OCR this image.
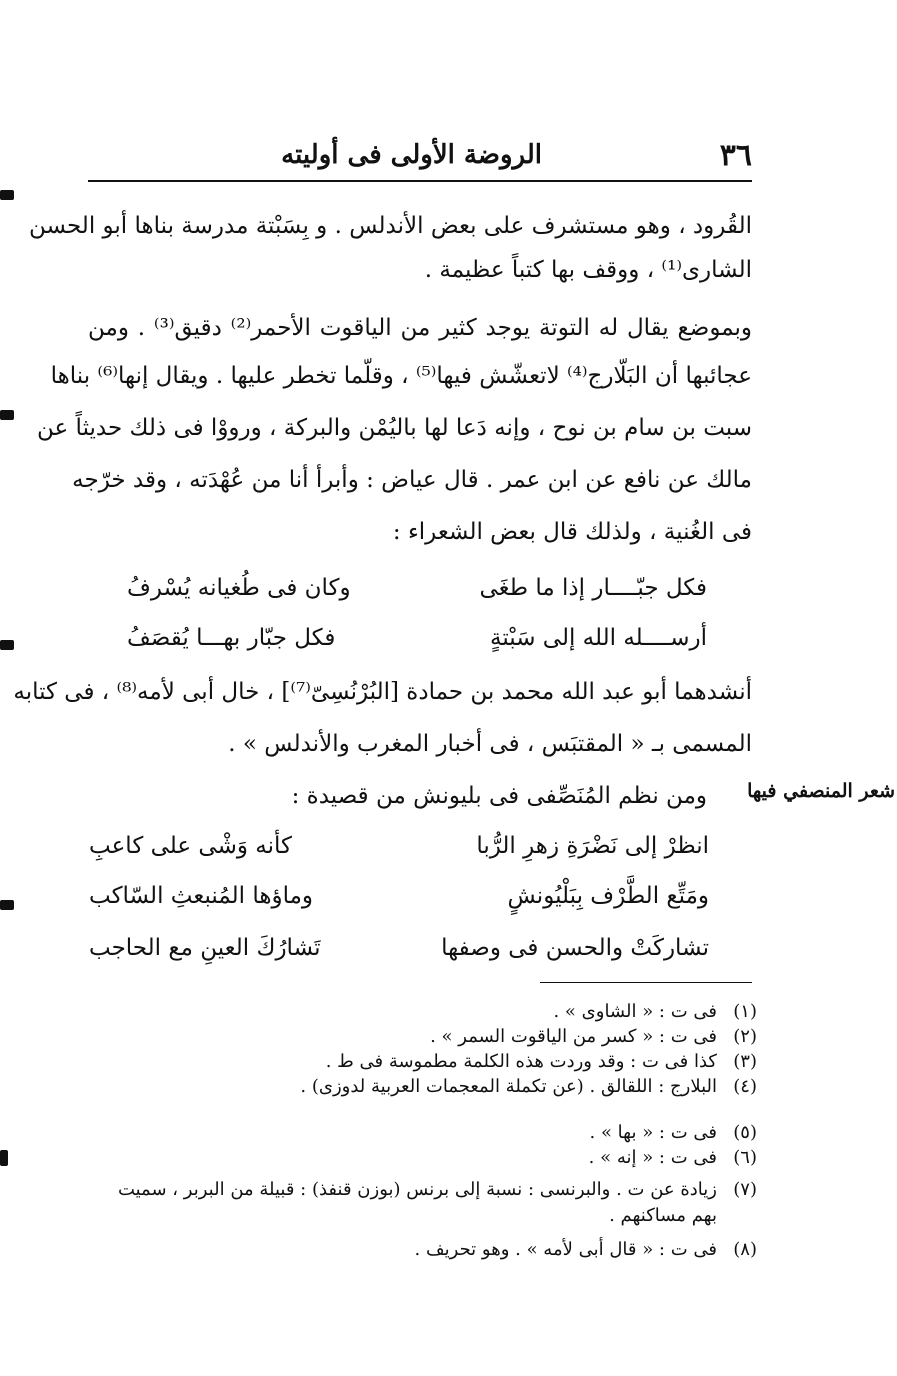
٣٦
الروضة الأولى فى أوليته
القُرود ، وهو مستشرف على بعض الأندلس . و بِسَبْتة مدرسة بناها أبو الحسن
الشارى⁽¹⁾ ، ووقف بها كتباً عظيمة .
وبموضع يقال له التوتة يوجد كثير من الياقوت الأحمر⁽²⁾ دقيق⁽³⁾ . ومن
عجائبها أن البَلّارج⁽⁴⁾ لاتعشّش فيها⁽⁵⁾ ، وقلّما تخطر عليها . ويقال إنها⁽⁶⁾ بناها
سبت بن سام بن نوح ، وإنه دَعا لها باليُمْن والبركة ، ورووْا فى ذلك حديثاً عن
مالك عن نافع عن ابن عمر . قال عياض : وأبرأ أنا من عُهْدَته ، وقد خرّجه
فى الغُنية ، ولذلك قال بعض الشعراء :
فكل جبّــــار إذا ما طغَى
وكان فى طُغيانه يُسْرفُ
أرســــله الله إلى سَبْتةٍ
فكل جبّار بهـــا يُقصَفُ
أنشدهما أبو عبد الله محمد بن حمادة [البُرْنُسِىّ⁽⁷⁾] ، خال أبى لأمه⁽⁸⁾ ، فى كتابه
المسمى بـ « المقتبَس ، فى أخبار المغرب والأندلس » .
شعر المنصفي فيها
ومن نظم المُنَصِّفى فى بليونش من قصيدة :
انظرْ إلى نَضْرَةِ زهرِ الرُّبا
كأنه وَشْى على كاعبِ
ومَتِّع الطَّرْف بِبَلْيُونشٍ
وماؤها المُنبعثِ السّاكب
تشاركَتْ والحسن فى وصفها
تَشارُكَ العينِ مع الحاجب
(١)فى ت : « الشاوى » .
(٢)فى ت : « كسر من الياقوت السمر » .
(٣)كذا فى ت : وقد وردت هذه الكلمة مطموسة فى ط .
(٤)البلارج : اللقالق . (عن تكملة المعجمات العربية لدوزى) .
(٥)فى ت : « بها » .
(٦)فى ت : « إنه » .
(٧)زيادة عن ت . والبرنسى : نسبة إلى برنس (بوزن قنفذ) : قبيلة من البربر ، سميت
بهم مساكنهم .
(٨)فى ت : « قال أبى لأمه » . وهو تحريف .
